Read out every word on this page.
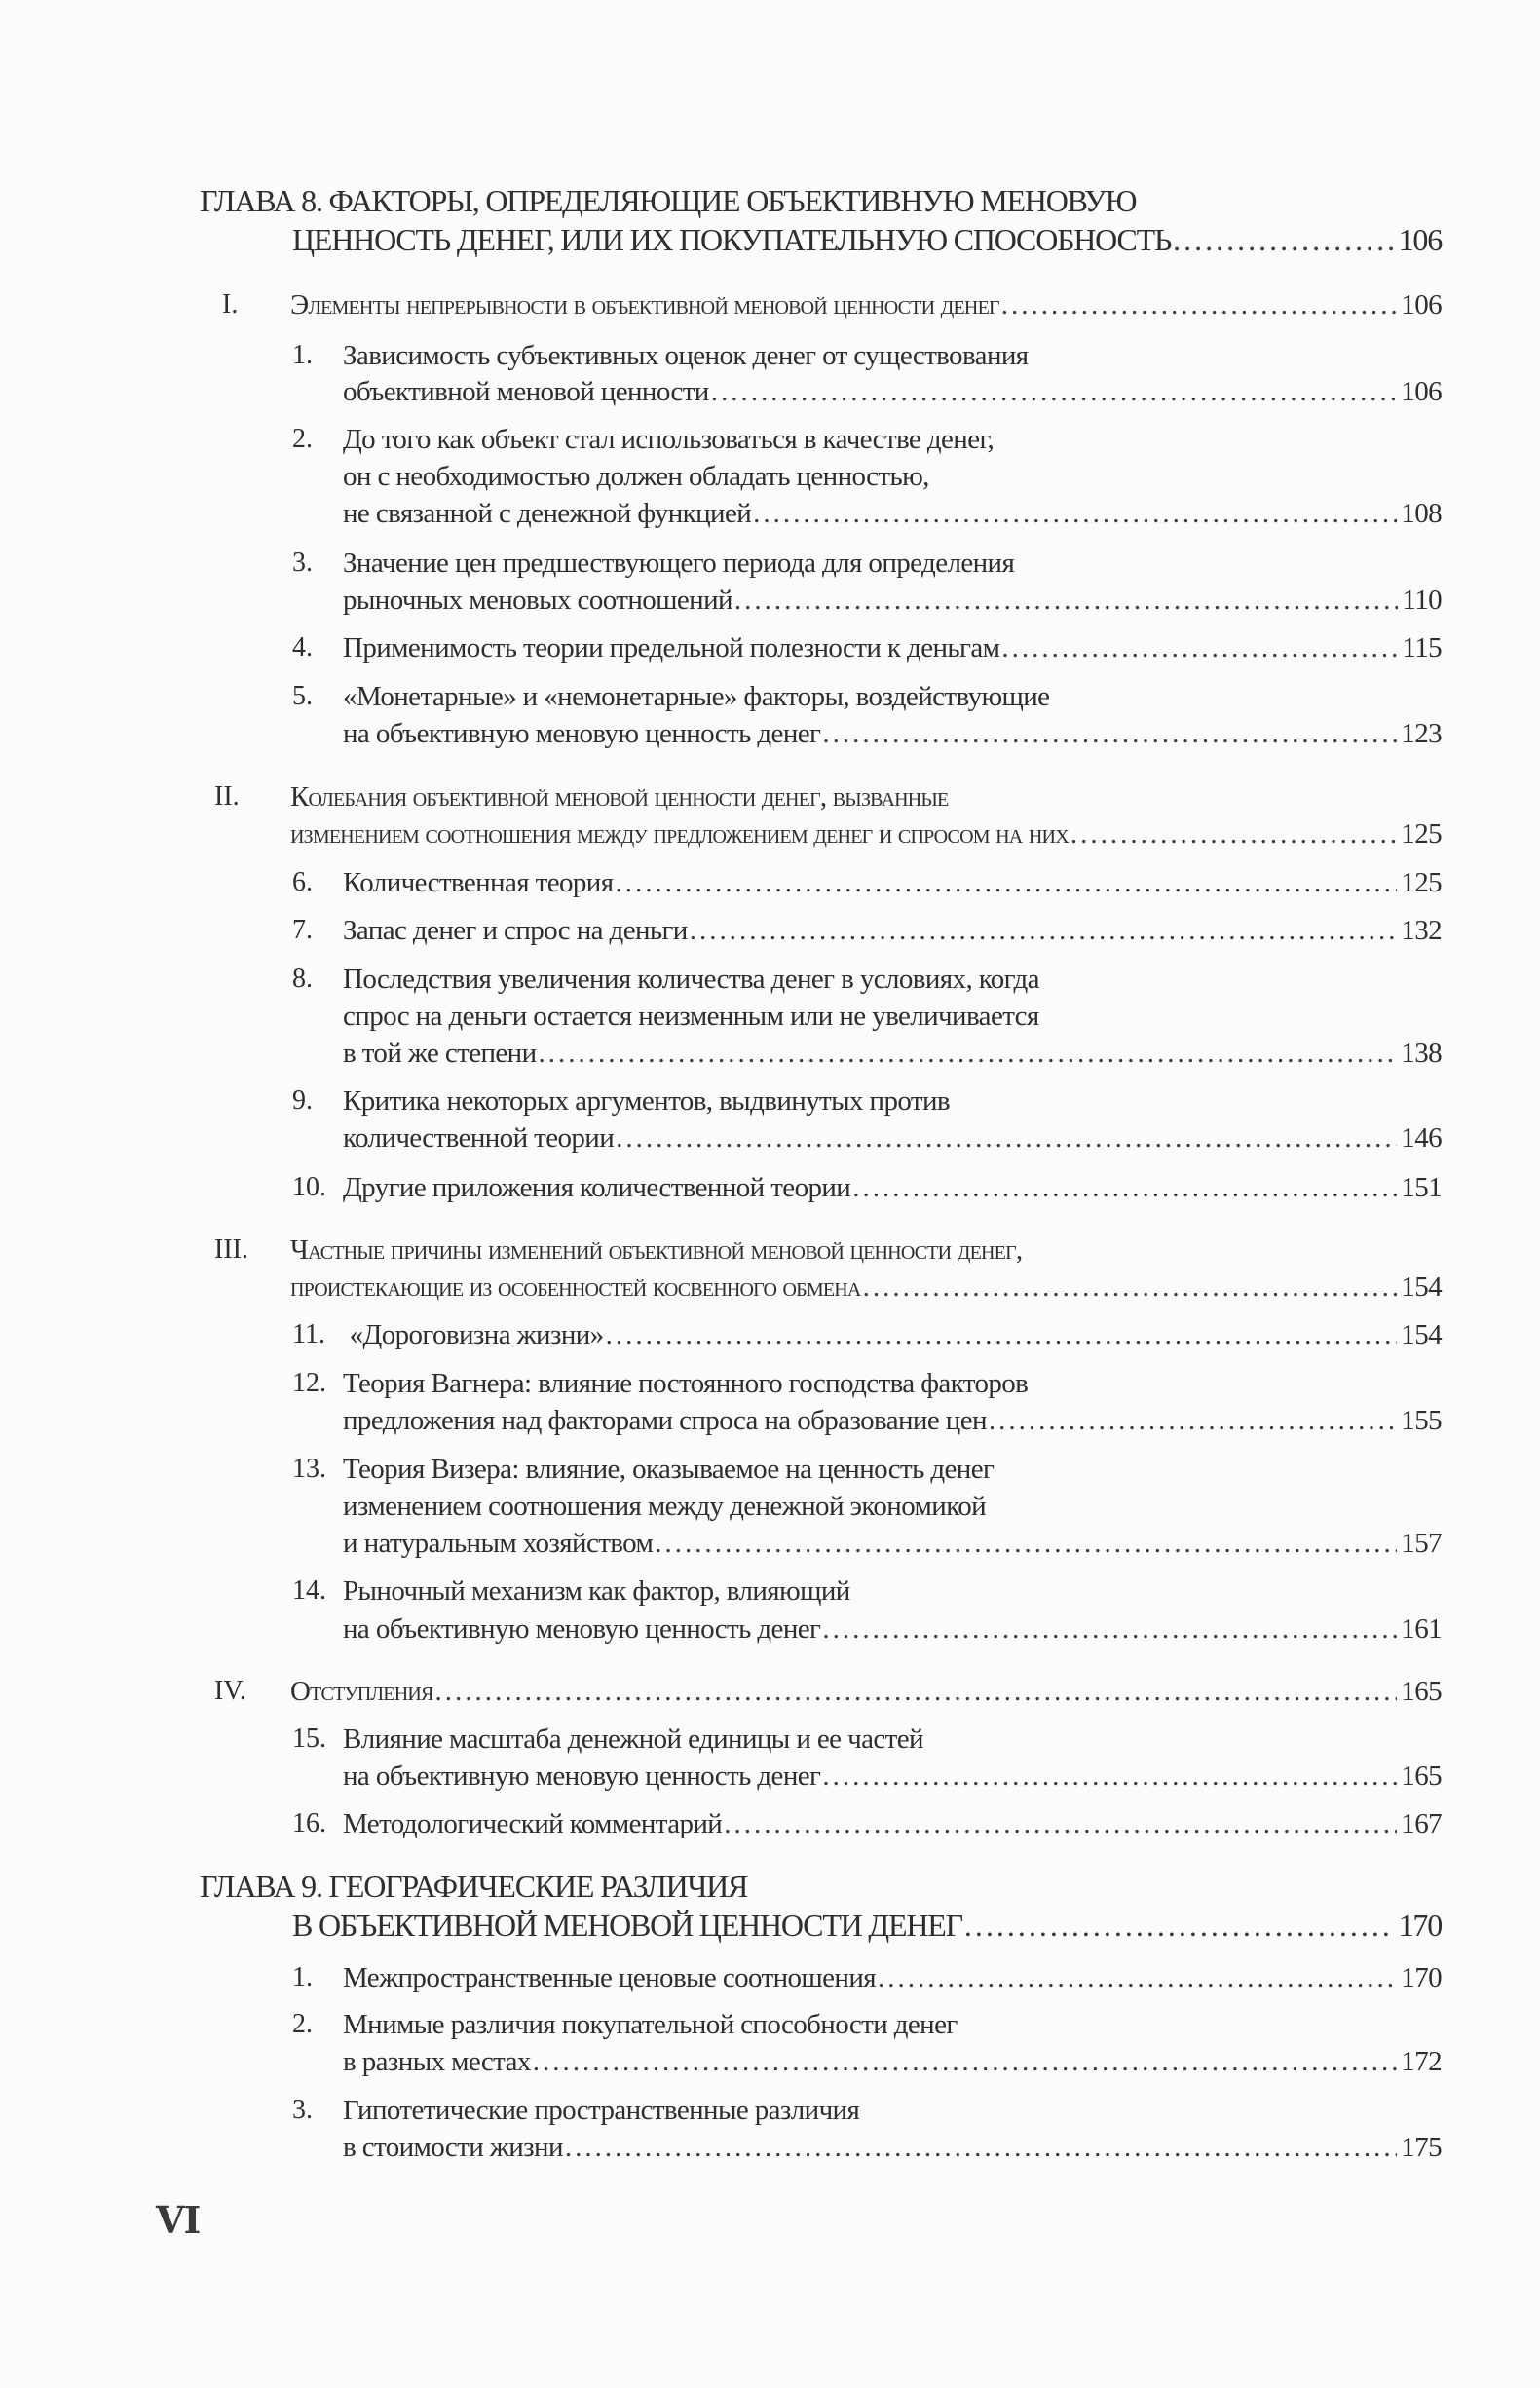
ГЛАВА 8. ФАКТОРЫ, ОПРЕДЕЛЯЮЩИЕ ОБЪЕКТИВНУЮ МЕНОВУЮ
ЦЕННОСТЬ ДЕНЕГ, ИЛИ ИХ ПОКУПАТЕЛЬНУЮ СПОСОБНОСТЬ .....	106
I. Элементы непрерывности в объективной меновой ценности денег .....	106
1. Зависимость субъективных оценок денег от существования
объективной меновой ценности .....	106
2. До того как объект стал использоваться в качестве денег,
он с необходимостью должен обладать ценностью,
не связанной с денежной функцией .....	108
3. Значение цен предшествующего периода для определения
рыночных меновых соотношений .....	110
4. Применимость теории предельной полезности к деньгам .....	115
5. «Монетарные» и «немонетарные» факторы, воздействующие
на объективную меновую ценность денег .....	123
II. Колебания объективной меновой ценности денег, вызванные
изменением соотношения между предложением денег и спросом на них .....	125
6. Количественная теория .....	125
7. Запас денег и спрос на деньги .....	132
8. Последствия увеличения количества денег в условиях, когда
спрос на деньги остается неизменным или не увеличивается
в той же степени .....	138
9. Критика некоторых аргументов, выдвинутых против
количественной теории .....	146
10. Другие приложения количественной теории .....	151
III. Частные причины изменений объективной меновой ценности денег,
проистекающие из особенностей косвенного обмена .....	154
11. «Дороговизна жизни» .....	154
12. Теория Вагнера: влияние постоянного господства факторов
предложения над факторами спроса на образование цен .....	155
13. Теория Визера: влияние, оказываемое на ценность денег
изменением соотношения между денежной экономикой
и натуральным хозяйством .....	157
14. Рыночный механизм как фактор, влияющий
на объективную меновую ценность денег .....	161
IV. Отступления .....	165
15. Влияние масштаба денежной единицы и ее частей
на объективную меновую ценность денег .....	165
16. Методологический комментарий .....	167
ГЛАВА 9. ГЕОГРАФИЧЕСКИЕ РАЗЛИЧИЯ
В ОБЪЕКТИВНОЙ МЕНОВОЙ ЦЕННОСТИ ДЕНЕГ .....	170
1. Межпространственные ценовые соотношения .....	170
2. Мнимые различия покупательной способности денег
в разных местах .....	172
3. Гипотетические пространственные различия
в стоимости жизни .....	175
VI
